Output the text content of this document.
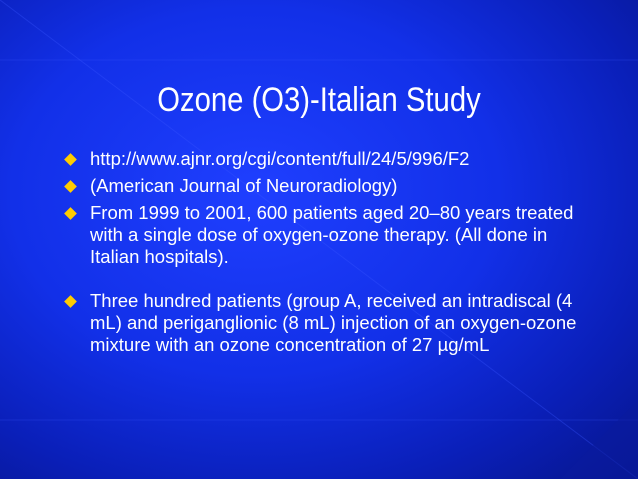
Ozone (O3)-Italian Study
http://www.ajnr.org/cgi/content/full/24/5/996/F2
(American Journal of Neuroradiology)
From 1999 to 2001, 600 patients aged 20–80 years treated with a single dose of oxygen-ozone therapy. (All done in Italian hospitals).
Three hundred patients (group A, received an intradiscal (4 mL) and periganglionic (8 mL) injection of an oxygen-ozone mixture with an ozone concentration of 27 µg/mL
